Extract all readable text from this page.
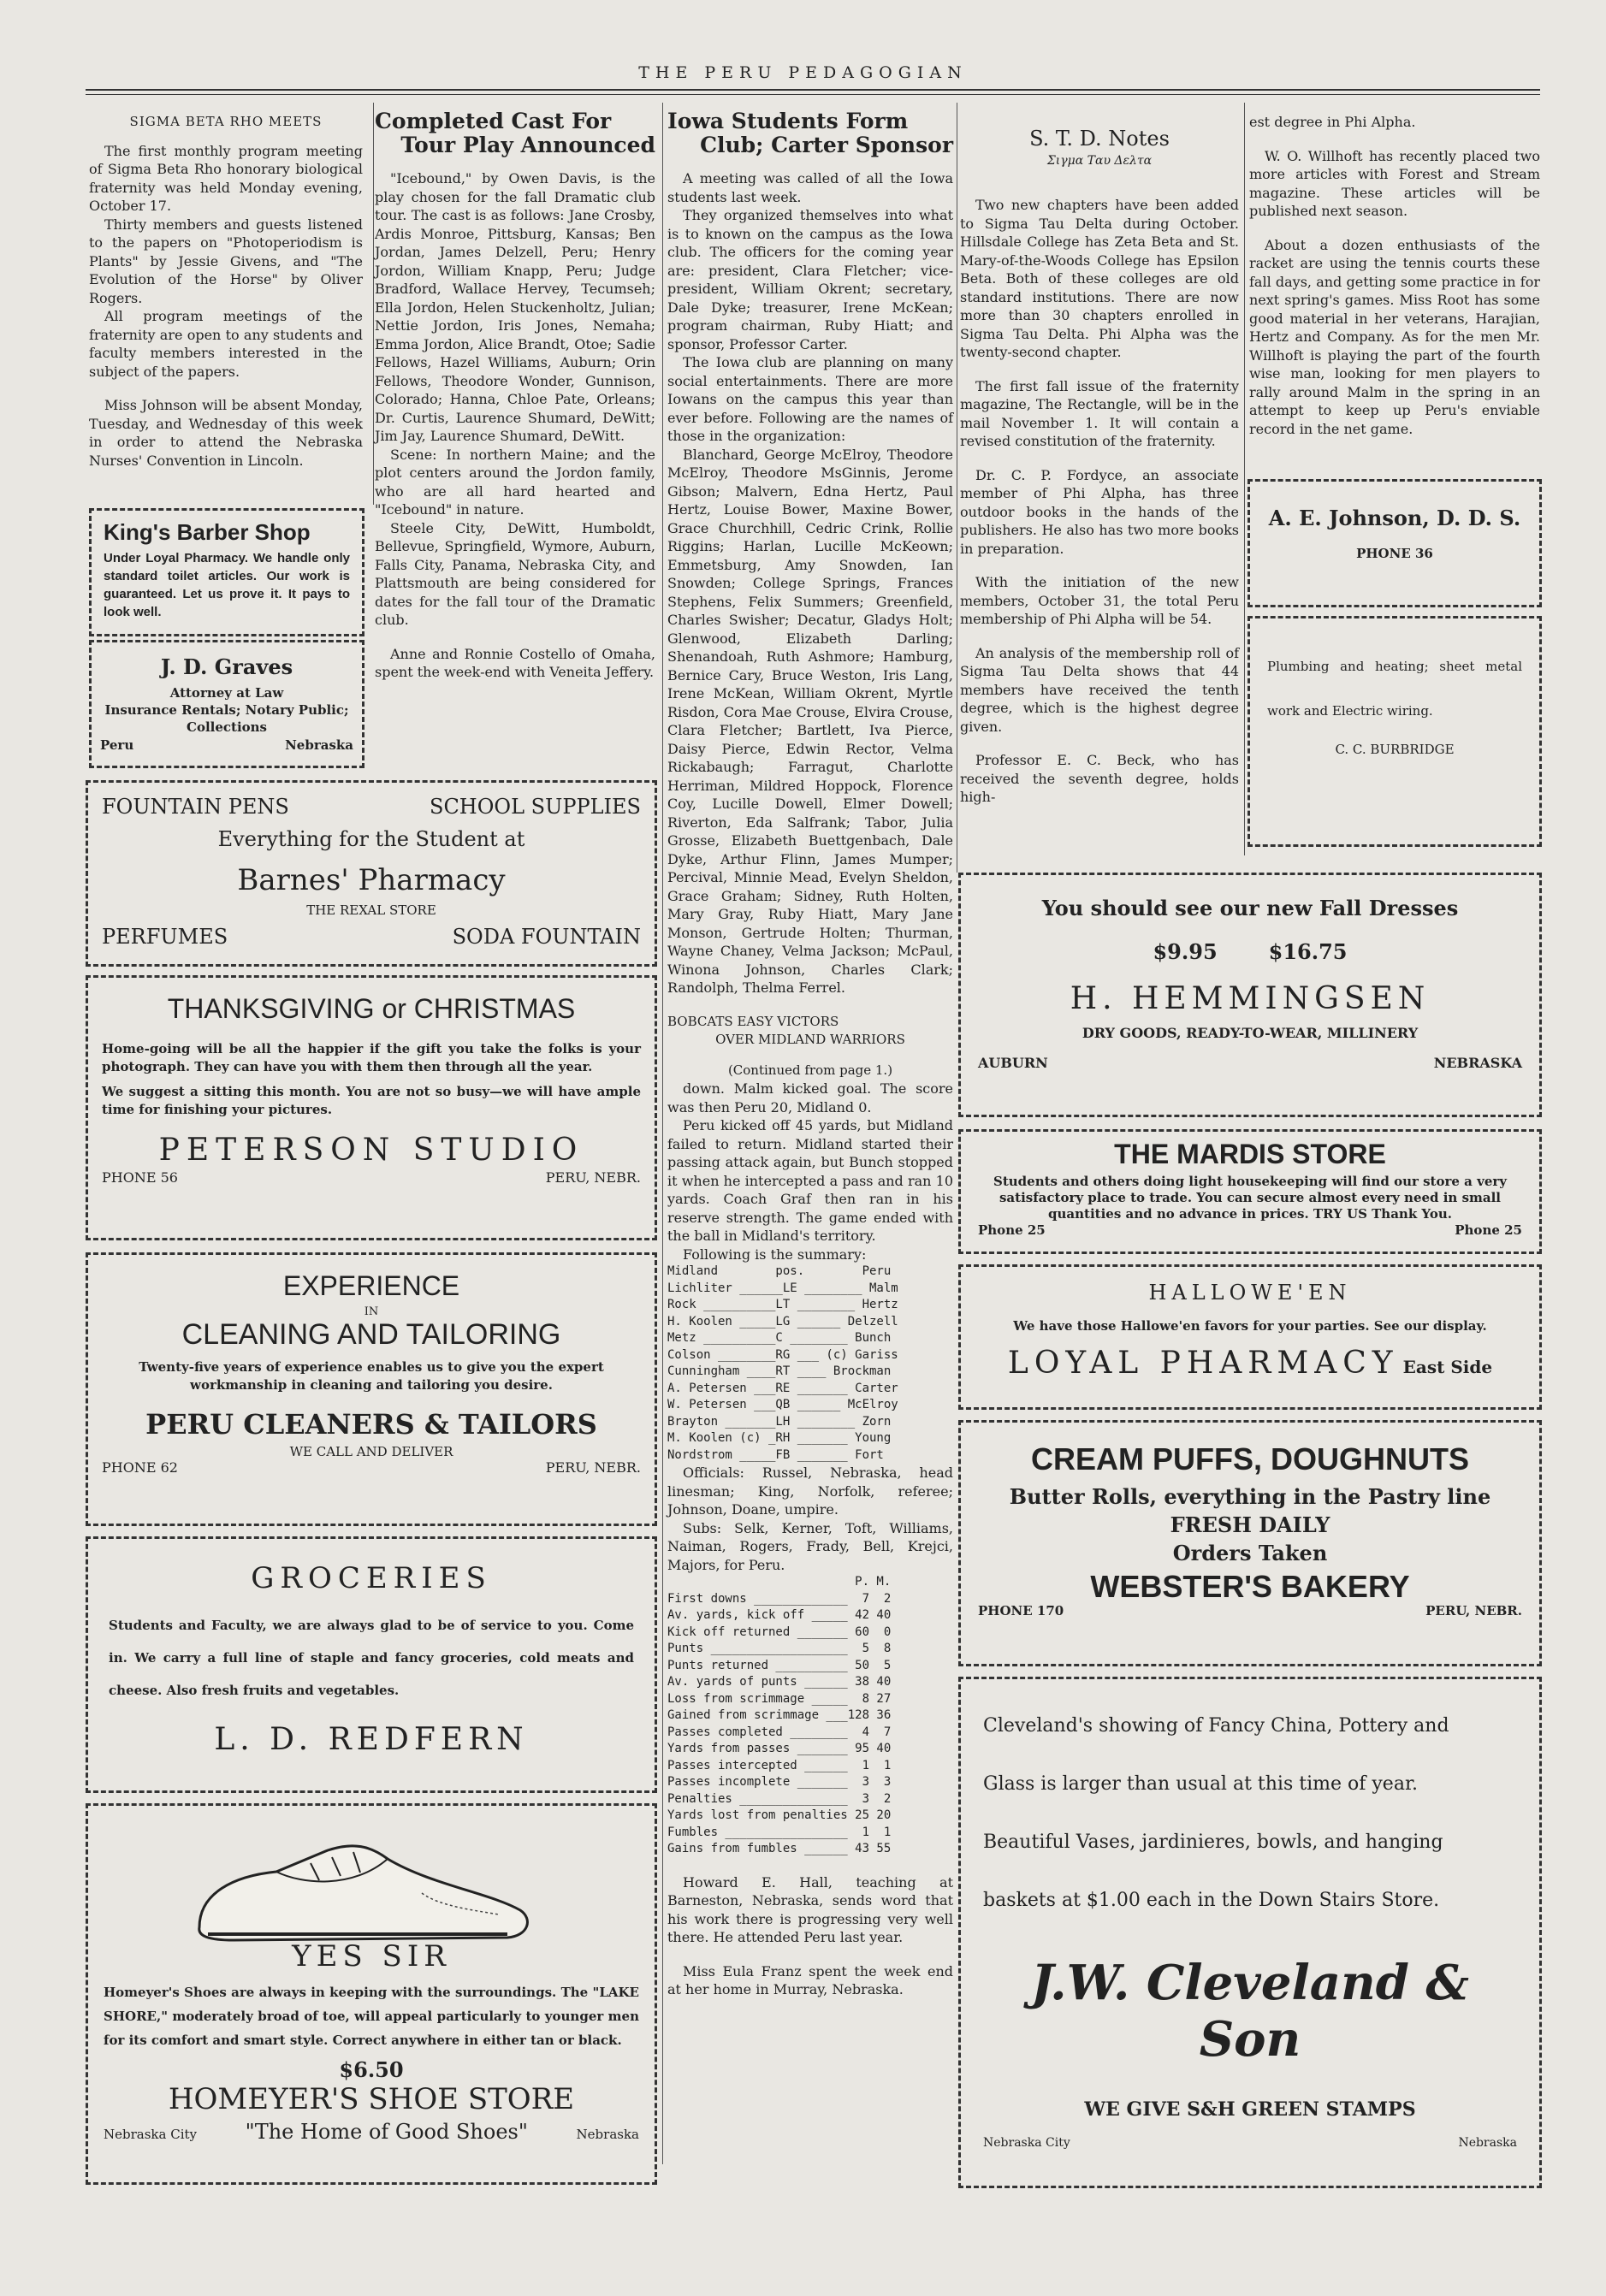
THE PERU PEDAGOGIAN
SIGMA BETA RHO MEETS

The first monthly program meeting of Sigma Beta Rho honorary biological fraternity was held Monday evening, October 17.

Thirty members and guests listened to the papers on "Photoperiodism is Plants" by Jessie Givens, and "The Evolution of the Horse" by Oliver Rogers.

All program meetings of the fraternity are open to any students and faculty members interested in the subject of the papers.

Miss Johnson will be absent Monday, Tuesday, and Wednesday of this week in order to attend the Nebraska Nurses' Convention in Lincoln.

King's Barber Shop
Under Loyal Pharmacy. We handle only standard toilet articles. Our work is guaranteed. Let us prove it. It pays to look well.
J. D. Graves
Attorney at Law
Insurance Rentals; Notary Public; Collections
Peru	Nebraska
Completed Cast For
Tour Play Announced

"Icebound," by Owen Davis, is the play chosen for the fall Dramatic club tour. The cast is as follows: Jane Crosby, Ardis Monroe, Pittsburg, Kansas; Ben Jordan, James Delzell, Peru; Henry Jordon, William Knapp, Peru; Judge Bradford, Wallace Hervey, Tecumseh; Ella Jordon, Helen Stuckenholtz, Julian; Nettie Jordon, Iris Jones, Nemaha; Emma Jordon, Alice Brandt, Otoe; Sadie Fellows, Hazel Williams, Auburn; Orin Fellows, Theodore Wonder, Gunnison, Colorado; Hanna, Chloe Pate, Orleans; Dr. Curtis, Laurence Shumard, DeWitt; Jim Jay, Laurence Shumard, DeWitt.

Scene: In northern Maine; and the plot centers around the Jordon family, who are all hard hearted and "Icebound" in nature.

Steele City, DeWitt, Humboldt, Bellevue, Springfield, Wymore, Auburn, Falls City, Panama, Nebraska City, and Plattsmouth are being considered for dates for the fall tour of the Dramatic club.

Anne and Ronnie Costello of Omaha, spent the week-end with Veneita Jeffery.

FOUNTAIN PENS	SCHOOL SUPPLIES
Everything for the Student at
Barnes' Pharmacy
THE REXAL STORE
PERFUMES	SODA FOUNTAIN
THANKSGIVING or CHRISTMAS
Home-going will be all the happier if the gift you take the folks is your photograph. They can have you with them then through all the year.
We suggest a sitting this month. You are not so busy—we will have ample time for finishing your pictures.
PETERSON STUDIO
PHONE 56	PERU, NEBR.
EXPERIENCE
IN
CLEANING AND TAILORING
Twenty-five years of experience enables us to give you the expert workmanship in cleaning and tailoring you desire.
PERU CLEANERS & TAILORS
WE CALL AND DELIVER
PHONE 62	PERU, NEBR.
GROCERIES
Students and Faculty, we are always glad to be of service to you. Come in. We carry a full line of staple and fancy groceries, cold meats and cheese. Also fresh fruits and vegetables.
L. D. REDFERN
YES SIR
Homeyer's Shoes are always in keeping with the surroundings. The "LAKE SHORE," moderately broad of toe, will appeal particularly to younger men for its comfort and smart style. Correct anywhere in either tan or black.
$6.50
HOMEYER'S SHOE STORE
Nebraska City "The Home of Good Shoes"	Nebraska
Iowa Students Form
Club; Carter Sponsor

A meeting was called of all the Iowa students last week.

They organized themselves into what is to known on the campus as the Iowa club. The officers for the coming year are: president, Clara Fletcher; vice-president, William Okrent; secretary, Dale Dyke; treasurer, Irene McKean; program chairman, Ruby Hiatt; and sponsor, Professor Carter.

The Iowa club are planning on many social entertainments. There are more Iowans on the campus this year than ever before. Following are the names of those in the organization:

Blanchard, George McElroy, Theodore McElroy, Theodore MsGinnis, Jerome Gibson; Malvern, Edna Hertz, Paul Hertz, Louise Bower, Maxine Bower, Grace Churchhill, Cedric Crink, Rollie Riggins; Harlan, Lucille McKeown; Emmetsburg, Amy Snowden, Ian Snowden; College Springs, Frances Stephens, Felix Summers; Greenfield, Charles Swisher; Decatur, Gladys Holt; Glenwood, Elizabeth Darling; Shenandoah, Ruth Ashmore; Hamburg, Bernice Cary, Bruce Weston, Iris Lang, Irene McKean, William Okrent, Myrtle Risdon, Cora Mae Crouse, Elvira Crouse, Clara Fletcher; Bartlett, Iva Pierce, Daisy Pierce, Edwin Rector, Velma Rickabaugh; Farragut, Charlotte Herriman, Mildred Hoppock, Florence Coy, Lucille Dowell, Elmer Dowell; Riverton, Eda Salfrank; Tabor, Julia Grosse, Elizabeth Buettgenbach, Dale Dyke, Arthur Flinn, James Mumper; Percival, Minnie Mead, Evelyn Sheldon, Grace Graham; Sidney, Ruth Holten, Mary Gray, Ruby Hiatt, Mary Jane Monson, Gertrude Holten; Thurman, Wayne Chaney, Velma Jackson; McPaul, Winona Johnson, Charles Clark; Randolph, Thelma Ferrel.

BOBCATS EASY VICTORS
OVER MIDLAND WARRIORS
(Continued from page 1.)

down. Malm kicked goal. The score was then Peru 20, Midland 0.

Peru kicked off 45 yards, but Midland failed to return. Midland started their passing attack again, but Bunch stopped it when he intercepted a pass and ran 10 yards. Coach Graf then ran in his reserve strength. The game ended with the ball in Midland's territory.

Following is the summary:

Midland        pos.        Peru
Lichliter ______LE ________ Malm
Rock __________LT ________ Hertz
H. Koolen _____LG ______ Delzell
Metz __________C ________ Bunch
Colson ________RG ___ (c) Gariss
Cunningham ____RT ____ Brockman
A. Petersen ___RE _______ Carter
W. Petersen ___QB ______ McElroy
Brayton _______LH ________ Zorn
M. Koolen (c) _RH _______ Young
Nordstrom _____FB _______ Fort

Officials: Russel, Nebraska, head linesman; King, Norfolk, referee; Johnson, Doane, umpire.

Subs: Selk, Kerner, Toft, Williams, Naiman, Rogers, Frady, Bell, Krejci, Majors, for Peru.

P. M.
First downs _____________  7  2
Av. yards, kick off _____ 42 40
Kick off returned _______ 60  0
Punts ___________________  5  8
Punts returned __________ 50  5
Av. yards of punts ______ 38 40
Loss from scrimmage _____  8 27
Gained from scrimmage ___128 36
Passes completed ________  4  7
Yards from passes _______ 95 40
Passes intercepted ______  1  1
Passes incomplete _______  3  3
Penalties _______________  3  2
Yards lost from penalties 25 20
Fumbles _________________  1  1
Gains from fumbles ______ 43 55

Howard E. Hall, teaching at Barneston, Nebraska, sends word that his work there is progressing very well there. He attended Peru last year.

Miss Eula Franz spent the week end at her home in Murray, Nebraska.

S. T. D. Notes
Σιγμα Ταυ Δελτα

Two new chapters have been added to Sigma Tau Delta during October. Hillsdale College has Zeta Beta and St. Mary-of-the-Woods College has Epsilon Beta. Both of these colleges are old standard institutions. There are now more than 30 chapters enrolled in Sigma Tau Delta. Phi Alpha was the twenty-second chapter.

The first fall issue of the fraternity magazine, The Rectangle, will be in the mail November 1. It will contain a revised constitution of the fraternity.

Dr. C. P. Fordyce, an associate member of Phi Alpha, has three outdoor books in the hands of the publishers. He also has two more books in preparation.

With the initiation of the new members, October 31, the total Peru membership of Phi Alpha will be 54.

An analysis of the membership roll of Sigma Tau Delta shows that 44 members have received the tenth degree, which is the highest degree given.

Professor E. C. Beck, who has received the seventh degree, holds high-

est degree in Phi Alpha.

W. O. Willhoft has recently placed two more articles with Forest and Stream magazine. These articles will be published next season.

About a dozen enthusiasts of the racket are using the tennis courts these fall days, and getting some practice in for next spring's games. Miss Root has some good material in her veterans, Harajian, Hertz and Company. As for the men Mr. Willhoft is playing the part of the fourth wise man, looking for men players to rally around Malm in the spring in an attempt to keep up Peru's enviable record in the net game.

A. E. Johnson, D. D. S.
PHONE 36
Plumbing and heating; sheet metal work and Electric wiring.
C. C. BURBRIDGE
You should see our new Fall Dresses
$9.95	$16.75
H. HEMMINGSEN
DRY GOODS, READY-TO-WEAR, MILLINERY
AUBURN	NEBRASKA
THE MARDIS STORE
Students and others doing light housekeeping will find our store a very satisfactory place to trade. You can secure almost every need in small quantities and no advance in prices. TRY US Thank You.
Phone 25	Phone 25
HALLOWE'EN
We have those Hallowe'en favors for your parties. See our display.
LOYAL PHARMACY East Side
CREAM PUFFS, DOUGHNUTS
Butter Rolls, everything in the Pastry line
FRESH DAILY
Orders Taken
WEBSTER'S BAKERY
PHONE 170	PERU, NEBR.
Cleveland's showing of Fancy China, Pottery and
Glass is larger than usual at this time of year.
Beautiful Vases, jardinieres, bowls, and hanging
baskets at $1.00 each in the Down Stairs Store.
J.W. Cleveland & Son
WE GIVE S&H GREEN STAMPS
Nebraska City	Nebraska
